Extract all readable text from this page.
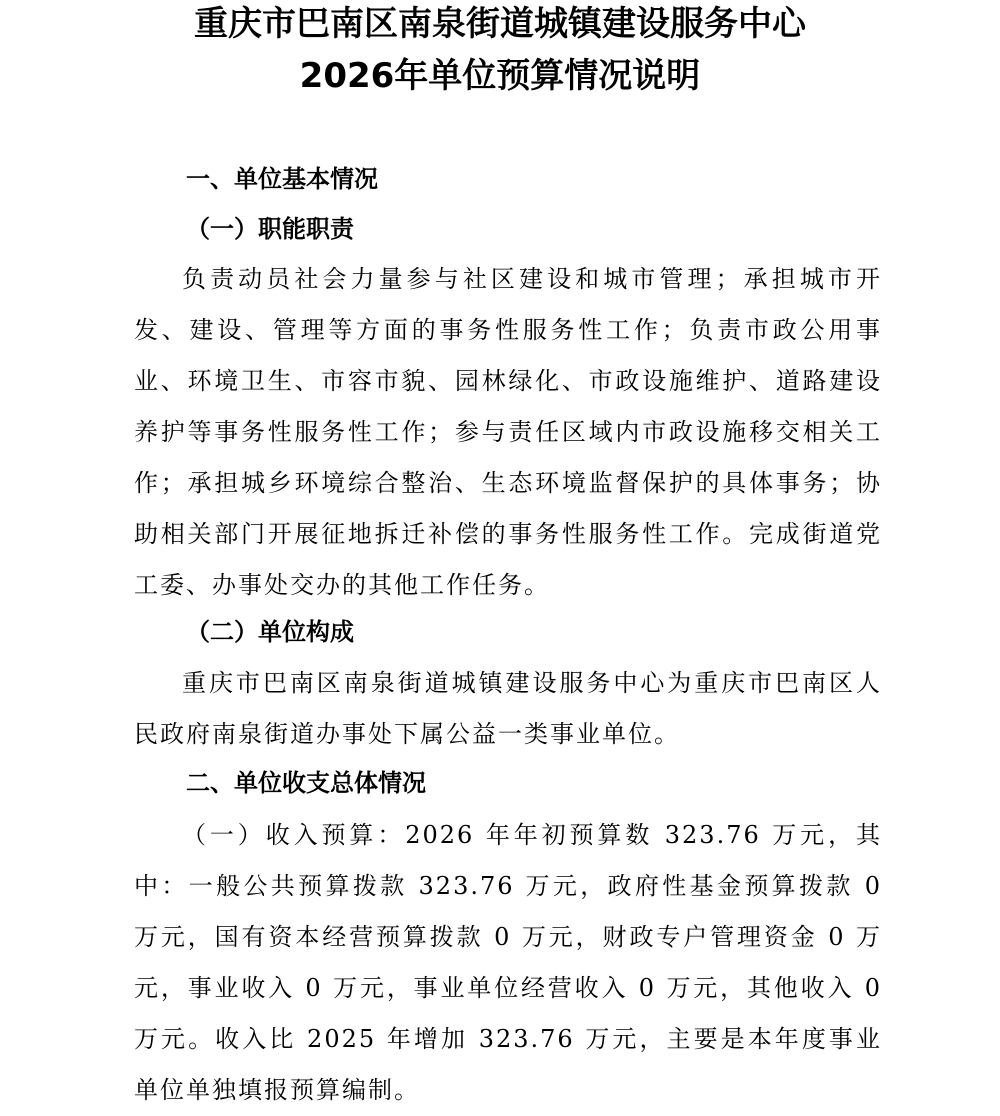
重庆市巴南区南泉街道城镇建设服务中心
2026年单位预算情况说明
一、单位基本情况
（一）职能职责

负责动员社会力量参与社区建设和城市管理；承担城市开发、建设、管理等方面的事务性服务性工作；负责市政公用事业、环境卫生、市容市貌、园林绿化、市政设施维护、道路建设养护等事务性服务性工作；参与责任区域内市政设施移交相关工作；承担城乡环境综合整治、生态环境监督保护的具体事务；协助相关部门开展征地拆迁补偿的事务性服务性工作。完成街道党工委、办事处交办的其他工作任务。

（二）单位构成

重庆市巴南区南泉街道城镇建设服务中心为重庆市巴南区人民政府南泉街道办事处下属公益一类事业单位。

二、单位收支总体情况

（一）收入预算：2026 年年初预算数 323.76 万元，其中：一般公共预算拨款 323.76 万元，政府性基金预算拨款 0 万元，国有资本经营预算拨款 0 万元，财政专户管理资金 0 万元，事业收入 0 万元，事业单位经营收入 0 万元，其他收入 0 万元。收入比 2025 年增加 323.76 万元，主要是本年度事业单位单独填报预算编制。
